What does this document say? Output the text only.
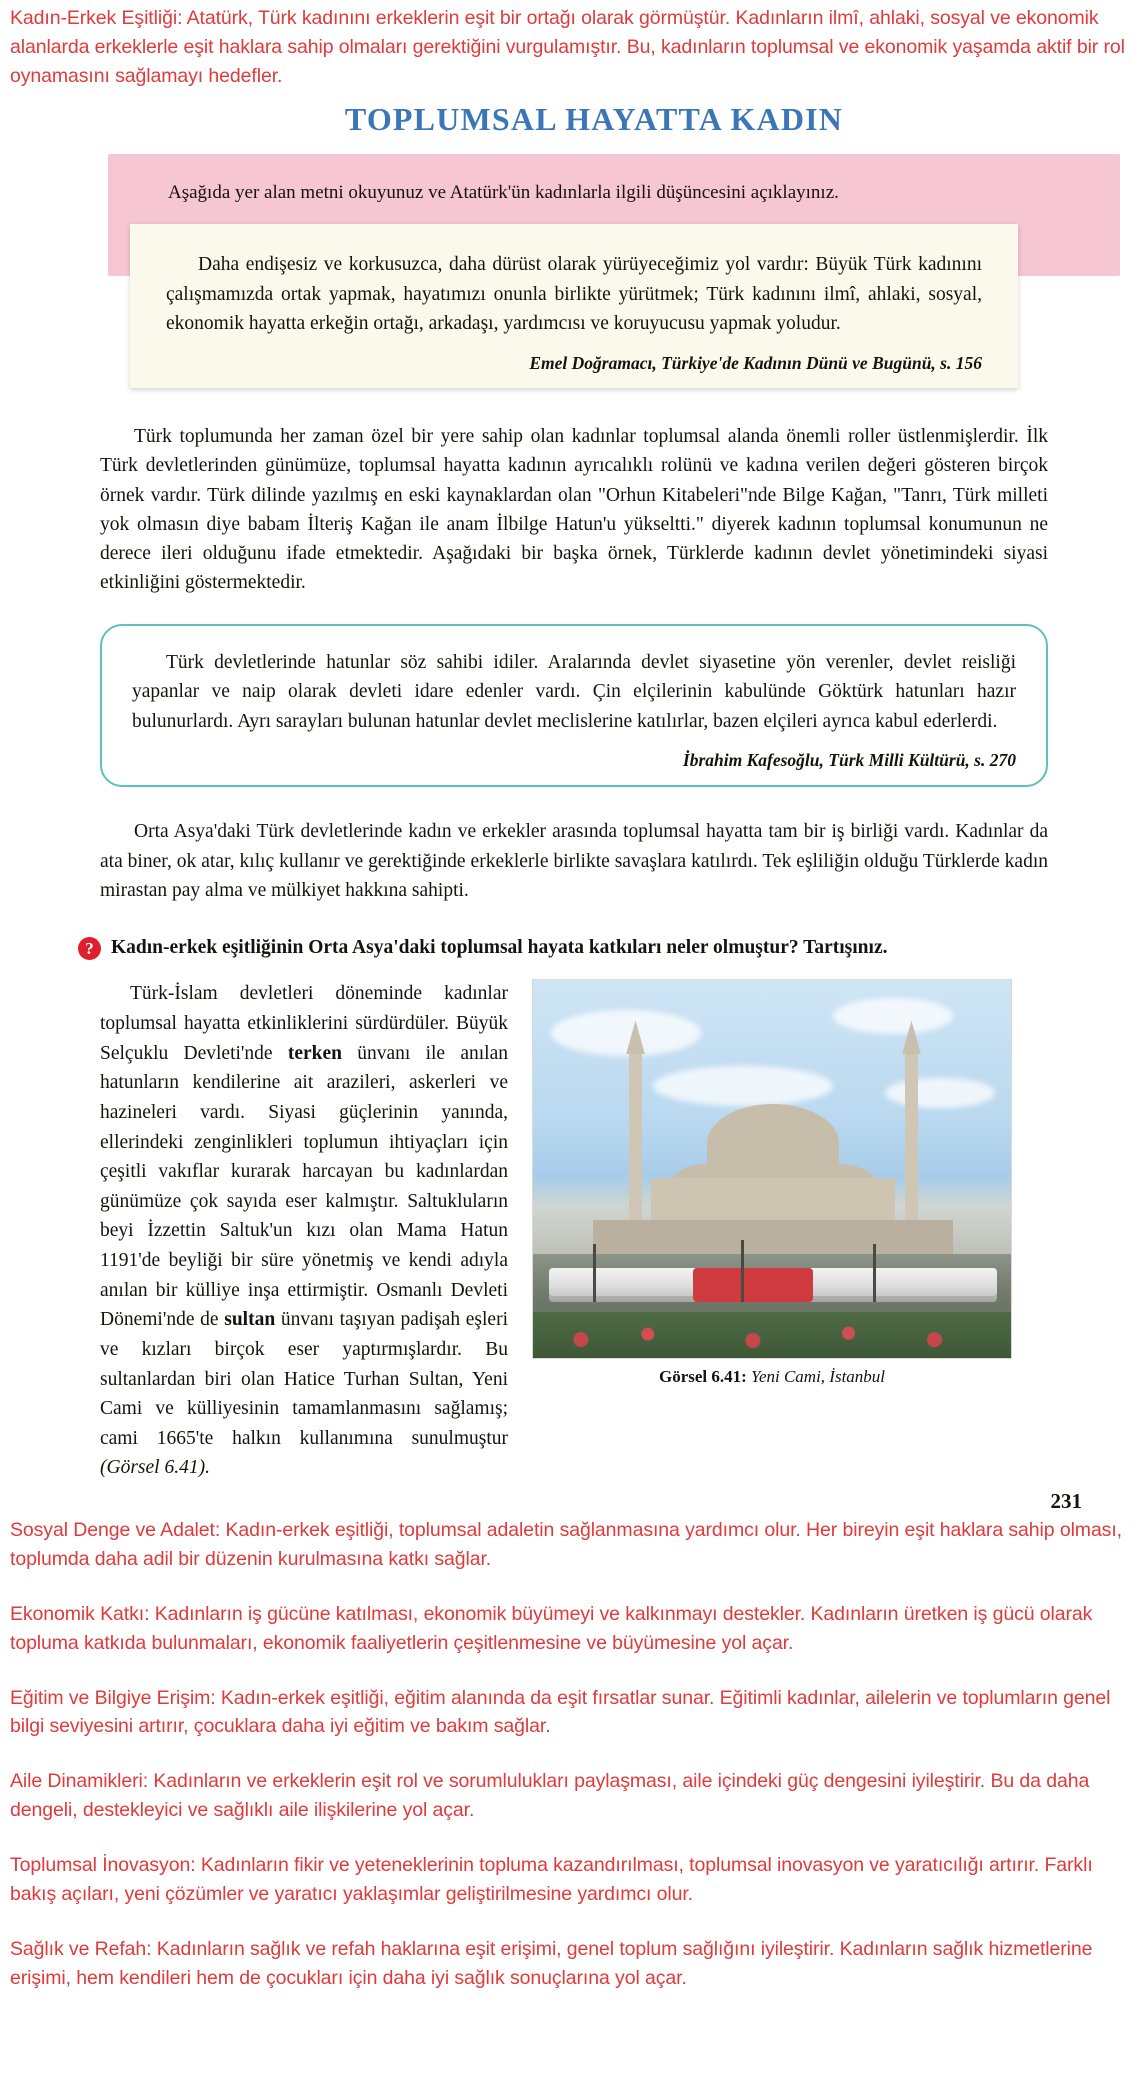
Kadın-Erkek Eşitliği: Atatürk, Türk kadınını erkeklerin eşit bir ortağı olarak görmüştür. Kadınların ilmî, ahlaki, sosyal ve ekonomik alanlarda erkeklerle eşit haklara sahip olmaları gerektiğini vurgulamıştır. Bu, kadınların toplumsal ve ekonomik yaşamda aktif bir rol oynamasını sağlamayı hedefler.
TOPLUMSAL HAYATTA KADIN
Aşağıda yer alan metni okuyunuz ve Atatürk'ün kadınlarla ilgili düşüncesini açıklayınız.

Daha endişesiz ve korkusuzca, daha dürüst olarak yürüyeceğimiz yol vardır: Büyük Türk kadınını çalışmamızda ortak yapmak, hayatımızı onunla birlikte yürütmek; Türk kadınını ilmî, ahlaki, sosyal, ekonomik hayatta erkeğin ortağı, arkadaşı, yardımcısı ve koruyucusu yapmak yoludur.

Emel Doğramacı, Türkiye'de Kadının Dünü ve Bugünü, s. 156

Türk toplumunda her zaman özel bir yere sahip olan kadınlar toplumsal alanda önemli roller üstlenmişlerdir. İlk Türk devletlerinden günümüze, toplumsal hayatta kadının ayrıcalıklı rolünü ve kadına verilen değeri gösteren birçok örnek vardır. Türk dilinde yazılmış en eski kaynaklardan olan "Orhun Kitabeleri"nde Bilge Kağan, "Tanrı, Türk milleti yok olmasın diye babam İlteriş Kağan ile anam İlbilge Hatun'u yükseltti." diyerek kadının toplumsal konumunun ne derece ileri olduğunu ifade etmektedir. Aşağıdaki bir başka örnek, Türklerde kadının devlet yönetimindeki siyasi etkinliğini göstermektedir.

Türk devletlerinde hatunlar söz sahibi idiler. Aralarında devlet siyasetine yön verenler, devlet reisliği yapanlar ve naip olarak devleti idare edenler vardı. Çin elçilerinin kabulünde Göktürk hatunları hazır bulunurlardı. Ayrı sarayları bulunan hatunlar devlet meclislerine katılırlar, bazen elçileri ayrıca kabul ederlerdi.

İbrahim Kafesoğlu, Türk Milli Kültürü, s. 270

Orta Asya'daki Türk devletlerinde kadın ve erkekler arasında toplumsal hayatta tam bir iş birliği vardı. Kadınlar da ata biner, ok atar, kılıç kullanır ve gerektiğinde erkeklerle birlikte savaşlara katılırdı. Tek eşliliğin olduğu Türklerde kadın mirastan pay alma ve mülkiyet hakkına sahipti.

? Kadın-erkek eşitliğinin Orta Asya'daki toplumsal hayata katkıları neler olmuştur? Tartışınız.

Türk-İslam devletleri döneminde kadınlar toplumsal hayatta etkinliklerini sürdürdüler. Büyük Selçuklu Devleti'nde terken ünvanı ile anılan hatunların kendilerine ait arazileri, askerleri ve hazineleri vardı. Siyasi güçlerinin yanında, ellerindeki zenginlikleri toplumun ihtiyaçları için çeşitli vakıflar kurarak harcayan bu kadınlardan günümüze çok sayıda eser kalmıştır. Saltukluların beyi İzzettin Saltuk'un kızı olan Mama Hatun 1191'de beyliği bir süre yönetmiş ve kendi adıyla anılan bir külliye inşa ettirmiştir. Osmanlı Devleti Dönemi'nde de sultan ünvanı taşıyan padişah eşleri ve kızları birçok eser yaptırmışlardır. Bu sultanlardan biri olan Hatice Turhan Sultan, Yeni Cami ve külliyesinin tamamlanmasını sağlamış; cami 1665'te halkın kullanımına sunulmuştur (Görsel 6.41).

Görsel 6.41: Yeni Cami, İstanbul
231
Sosyal Denge ve Adalet: Kadın-erkek eşitliği, toplumsal adaletin sağlanmasına yardımcı olur. Her bireyin eşit haklara sahip olması, toplumda daha adil bir düzenin kurulmasına katkı sağlar.
Ekonomik Katkı: Kadınların iş gücüne katılması, ekonomik büyümeyi ve kalkınmayı destekler. Kadınların üretken iş gücü olarak topluma katkıda bulunmaları, ekonomik faaliyetlerin çeşitlenmesine ve büyümesine yol açar.
Eğitim ve Bilgiye Erişim: Kadın-erkek eşitliği, eğitim alanında da eşit fırsatlar sunar. Eğitimli kadınlar, ailelerin ve toplumların genel bilgi seviyesini artırır, çocuklara daha iyi eğitim ve bakım sağlar.
Aile Dinamikleri: Kadınların ve erkeklerin eşit rol ve sorumlulukları paylaşması, aile içindeki güç dengesini iyileştirir. Bu da daha dengeli, destekleyici ve sağlıklı aile ilişkilerine yol açar.
Toplumsal İnovasyon: Kadınların fikir ve yeteneklerinin topluma kazandırılması, toplumsal inovasyon ve yaratıcılığı artırır. Farklı bakış açıları, yeni çözümler ve yaratıcı yaklaşımlar geliştirilmesine yardımcı olur.
Sağlık ve Refah: Kadınların sağlık ve refah haklarına eşit erişimi, genel toplum sağlığını iyileştirir. Kadınların sağlık hizmetlerine erişimi, hem kendileri hem de çocukları için daha iyi sağlık sonuçlarına yol açar.
